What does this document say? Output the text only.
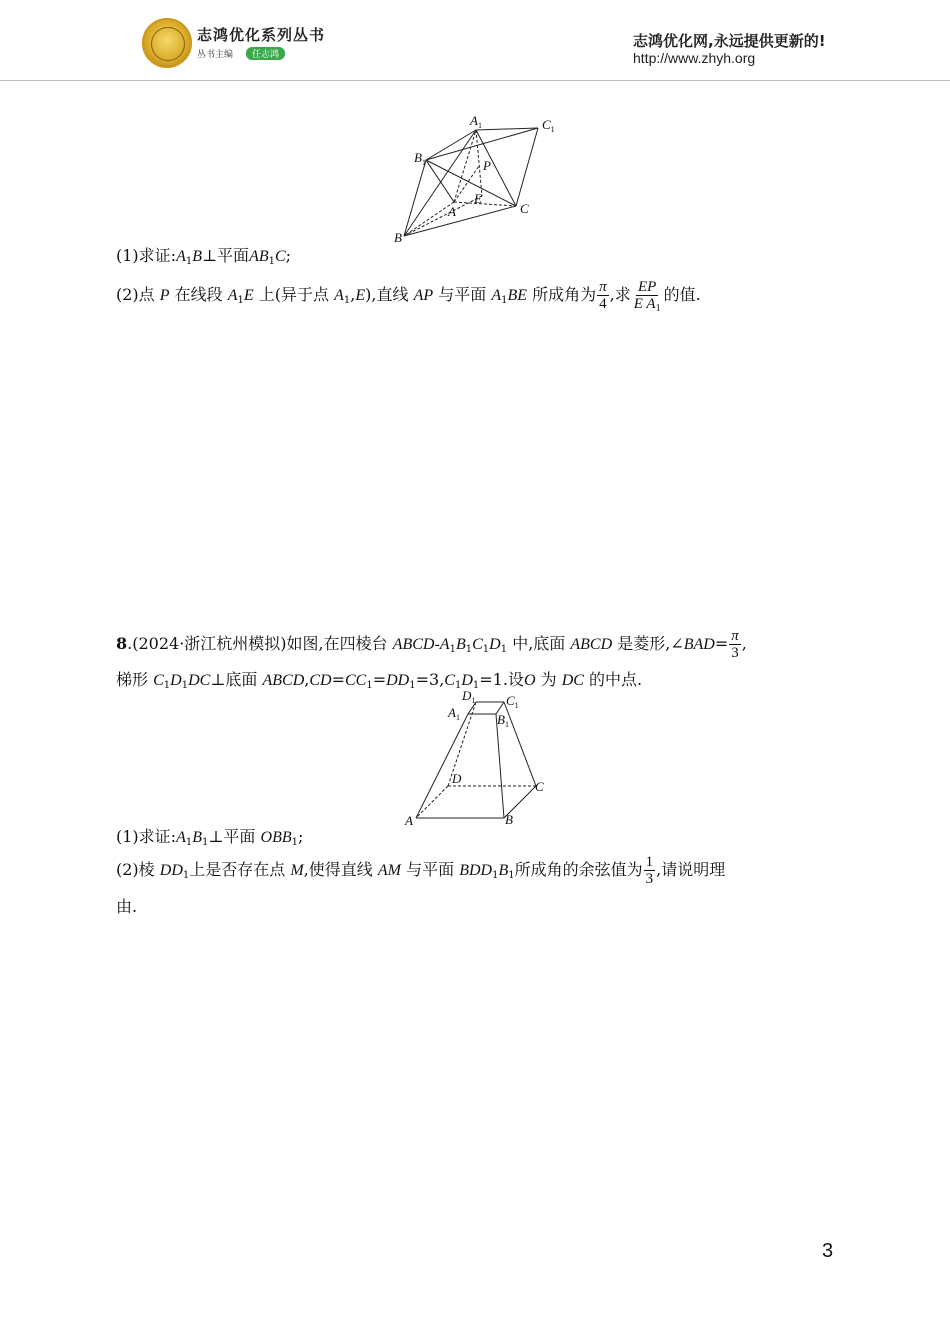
志鸿优化系列丛书
丛书主编	任志鸿
志鸿优化网,永远提供更新的!
http://www.zhyh.org
$A_1$	$C_1$
$B_1$	P
E
A	C
B
(1)求证$:A_1B\perp$平面$AB_1C$;
(2)点 P 在线段 $A_1E$ 上(异于点 $A_1,E$),直线 AP 与平面 $A_1BE$ 所成角为 $\frac{\pi}{4}$ ,求 $\frac{EP}{E A_1}$ 的值.
8.(2024·浙江杭州模拟)如图,在四棱台 ABCD-$A_1B_1C_1D_1$ 中,底面 ABCD 是菱形,∠BAD= $\frac{\pi}{3}$ ,
梯形 $C_1D_1DC\perp$底面 $ABCD,CD=CC_1=DD_1=3,C_1D_1=1$.设O 为 DC 的中点.
$D_1$ $C_1$
$A_1$	$B_1$
D
C
A	B
(1)求证$:A_1B_1\perp$平面 $OBB_1$;
(2)棱 $DD_1$上是否存在点 M,使得直线 AM 与平面 $BDD_1B_1$所成角的余弦值为 $\frac{1}{3}$ ,请说明理
由.
3
